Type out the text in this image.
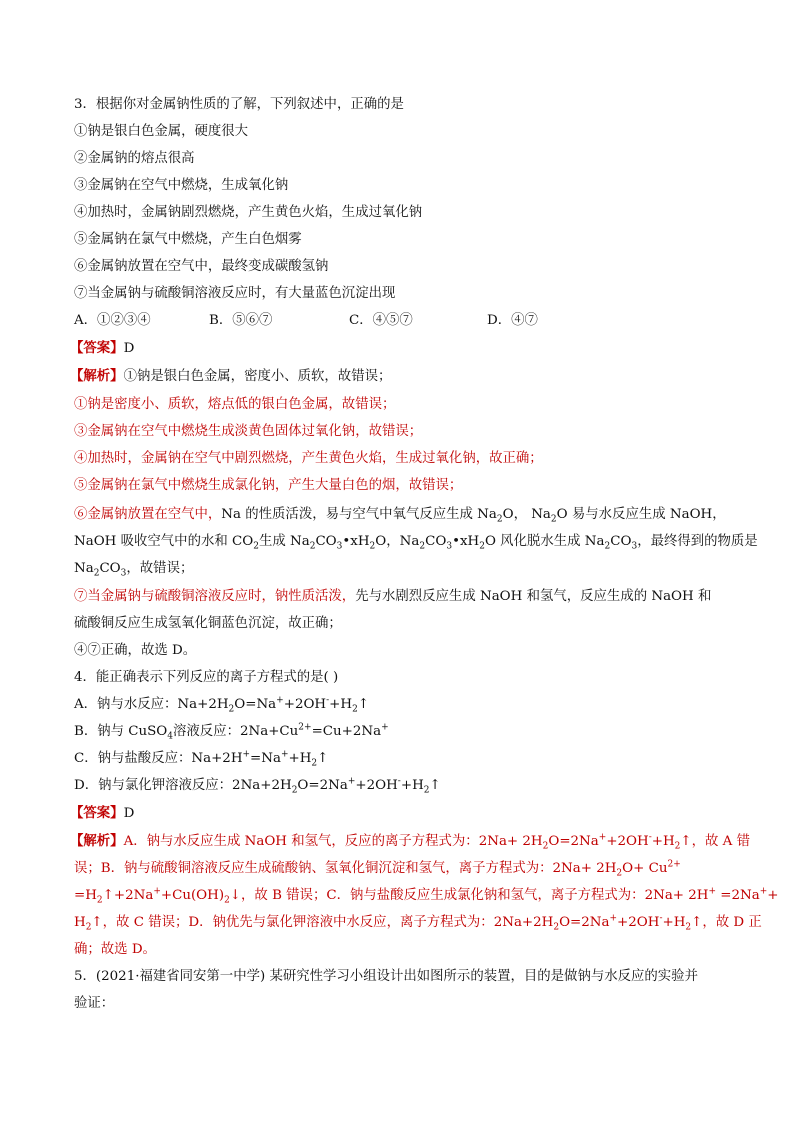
3．根据你对金属钠性质的了解，下列叙述中，正确的是
①钠是银白色金属，硬度很大
②金属钠的熔点很高
③金属钠在空气中燃烧，生成氧化钠
④加热时，金属钠剧烈燃烧，产生黄色火焰，生成过氧化钠
⑤金属钠在氯气中燃烧，产生白色烟雾
⑥金属钠放置在空气中，最终变成碳酸氢钠
⑦当金属钠与硫酸铜溶液反应时，有大量蓝色沉淀出现
A．①②③④	B．⑤⑥⑦	C．④⑤⑦	D．④⑦
【答案】D
【解析】①钠是银白色金属，密度小、质软，故错误；
①钠是密度小、质软，熔点低的银白色金属，故错误；
③金属钠在空气中燃烧生成淡黄色固体过氧化钠，故错误；
④加热时，金属钠在空气中剧烈燃烧，产生黄色火焰，生成过氧化钠，故正确；
⑤金属钠在氯气中燃烧生成氯化钠，产生大量白色的烟，故错误；
⑥金属钠放置在空气中，Na 的性质活泼，易与空气中氧气反应生成 $Na_2O$， $Na_2O$ 易与水反应生成 NaOH，
NaOH 吸收空气中的水和 $CO_2$生成 $Na_2CO_3•xH_2O$，$Na_2CO_3•xH_2O$ 风化脱水生成 $Na_2CO_3$，最终得到的物质是
$Na_2CO_3$，故错误；
⑦当金属钠与硫酸铜溶液反应时，钠性质活泼，先与水剧烈反应生成 NaOH 和氢气，反应生成的 NaOH 和
硫酸铜反应生成氢氧化铜蓝色沉淀，故正确；
④⑦正确，故选 D。
4．能正确表示下列反应的离子方程式的是( )
A．钠与水反应：$Na+2H_2O=Na^++2OH^-+H_2↑$
B．钠与 CuSO$_4$溶液反应：$2Na+Cu^{2+}=Cu+2Na^+$
C．钠与盐酸反应：$Na+2H^+=Na^++H_2↑$
D．钠与氯化钾溶液反应：$2Na+2H_2O=2Na^++2OH^-+H_2↑$
【答案】D
【解析】A．钠与水反应生成 NaOH 和氢气，反应的离子方程式为：$2Na+ 2H_2O=2Na^++2OH^-+H_2↑$，故 A 错
误；B．钠与硫酸铜溶液反应生成硫酸钠、氢氧化铜沉淀和氢气，离子方程式为：$2Na+ 2H_2O+ Cu^{2+}$
$=H_2↑+2Na^++Cu(OH)_2↓$，故 B 错误；C．钠与盐酸反应生成氯化钠和氢气，离子方程式为：2Na+ 2H+ =2Na++
$H_2↑$，故 C 错误；D．钠优先与氯化钾溶液中水反应，离子方程式为：$2Na+2H_2O=2Na^++2OH^-+H_2↑$，故 D 正
确；故选 D。
5．(2021·福建省同安第一中学) 某研究性学习小组设计出如图所示的装置，目的是做钠与水反应的实验并
验证：
